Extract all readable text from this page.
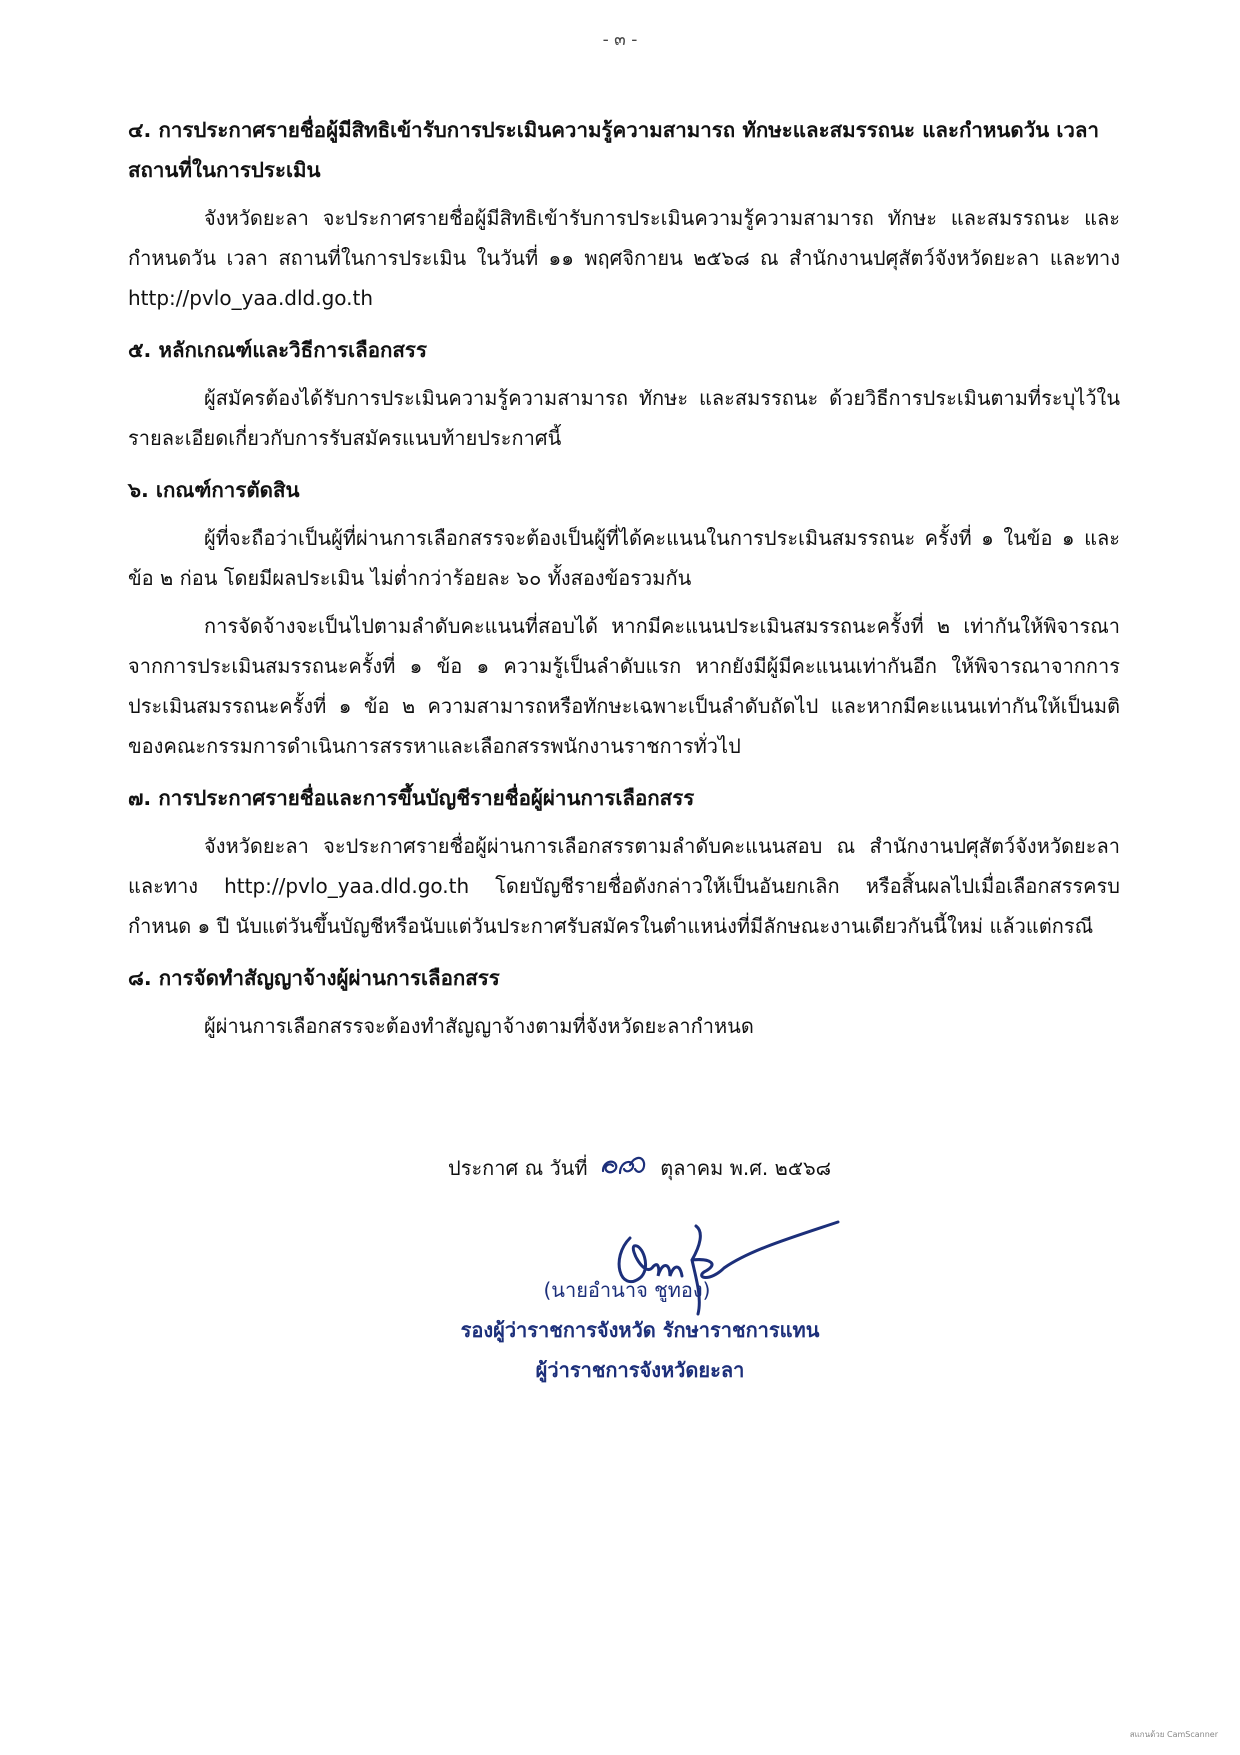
- ๓ -

๔. การประกาศรายชื่อผู้มีสิทธิเข้ารับการประเมินความรู้ความสามารถ ทักษะและสมรรถนะ และกำหนดวัน เวลา สถานที่ในการประเมิน

จังหวัดยะลา จะประกาศรายชื่อผู้มีสิทธิเข้ารับการประเมินความรู้ความสามารถ ทักษะ และสมรรถนะ และกำหนดวัน เวลา สถานที่ในการประเมิน ในวันที่ ๑๑ พฤศจิกายน ๒๕๖๘ ณ สำนักงานปศุสัตว์จังหวัดยะลา และทาง http://pvlo_yaa.dld.go.th

๕. หลักเกณฑ์และวิธีการเลือกสรร

ผู้สมัครต้องได้รับการประเมินความรู้ความสามารถ ทักษะ และสมรรถนะ ด้วยวิธีการประเมินตามที่ระบุไว้ในรายละเอียดเกี่ยวกับการรับสมัครแนบท้ายประกาศนี้

๖. เกณฑ์การตัดสิน

ผู้ที่จะถือว่าเป็นผู้ที่ผ่านการเลือกสรรจะต้องเป็นผู้ที่ได้คะแนนในการประเมินสมรรถนะ ครั้งที่ ๑ ในข้อ ๑ และ ข้อ ๒ ก่อน โดยมีผลประเมิน ไม่ต่ำกว่าร้อยละ ๖๐ ทั้งสองข้อรวมกัน

การจัดจ้างจะเป็นไปตามลำดับคะแนนที่สอบได้ หากมีคะแนนประเมินสมรรถนะครั้งที่ ๒ เท่ากันให้พิจารณาจากการประเมินสมรรถนะครั้งที่ ๑ ข้อ ๑ ความรู้เป็นลำดับแรก หากยังมีผู้มีคะแนนเท่ากันอีก ให้พิจารณาจากการประเมินสมรรถนะครั้งที่ ๑ ข้อ ๒ ความสามารถหรือทักษะเฉพาะเป็นลำดับถัดไป และหากมีคะแนนเท่ากันให้เป็นมติของคณะกรรมการดำเนินการสรรหาและเลือกสรรพนักงานราชการทั่วไป

๗. การประกาศรายชื่อและการขึ้นบัญชีรายชื่อผู้ผ่านการเลือกสรร

จังหวัดยะลา จะประกาศรายชื่อผู้ผ่านการเลือกสรรตามลำดับคะแนนสอบ ณ สำนักงานปศุสัตว์จังหวัดยะลา และทาง http://pvlo_yaa.dld.go.th โดยบัญชีรายชื่อดังกล่าวให้เป็นอันยกเลิก หรือสิ้นผลไปเมื่อเลือกสรรครบกำหนด ๑ ปี นับแต่วันขึ้นบัญชีหรือนับแต่วันประกาศรับสมัครในตำแหน่งที่มีลักษณะงานเดียวกันนี้ใหม่ แล้วแต่กรณี

๘. การจัดทำสัญญาจ้างผู้ผ่านการเลือกสรร

ผู้ผ่านการเลือกสรรจะต้องทำสัญญาจ้างตามที่จังหวัดยะลากำหนด

ประกาศ ณ วันที่	ตุลาคม พ.ศ. ๒๕๖๘
(นายอำนาจ ชูทอง)
รองผู้ว่าราชการจังหวัด รักษาราชการแทน
ผู้ว่าราชการจังหวัดยะลา
สแกนด้วย CamScanner
